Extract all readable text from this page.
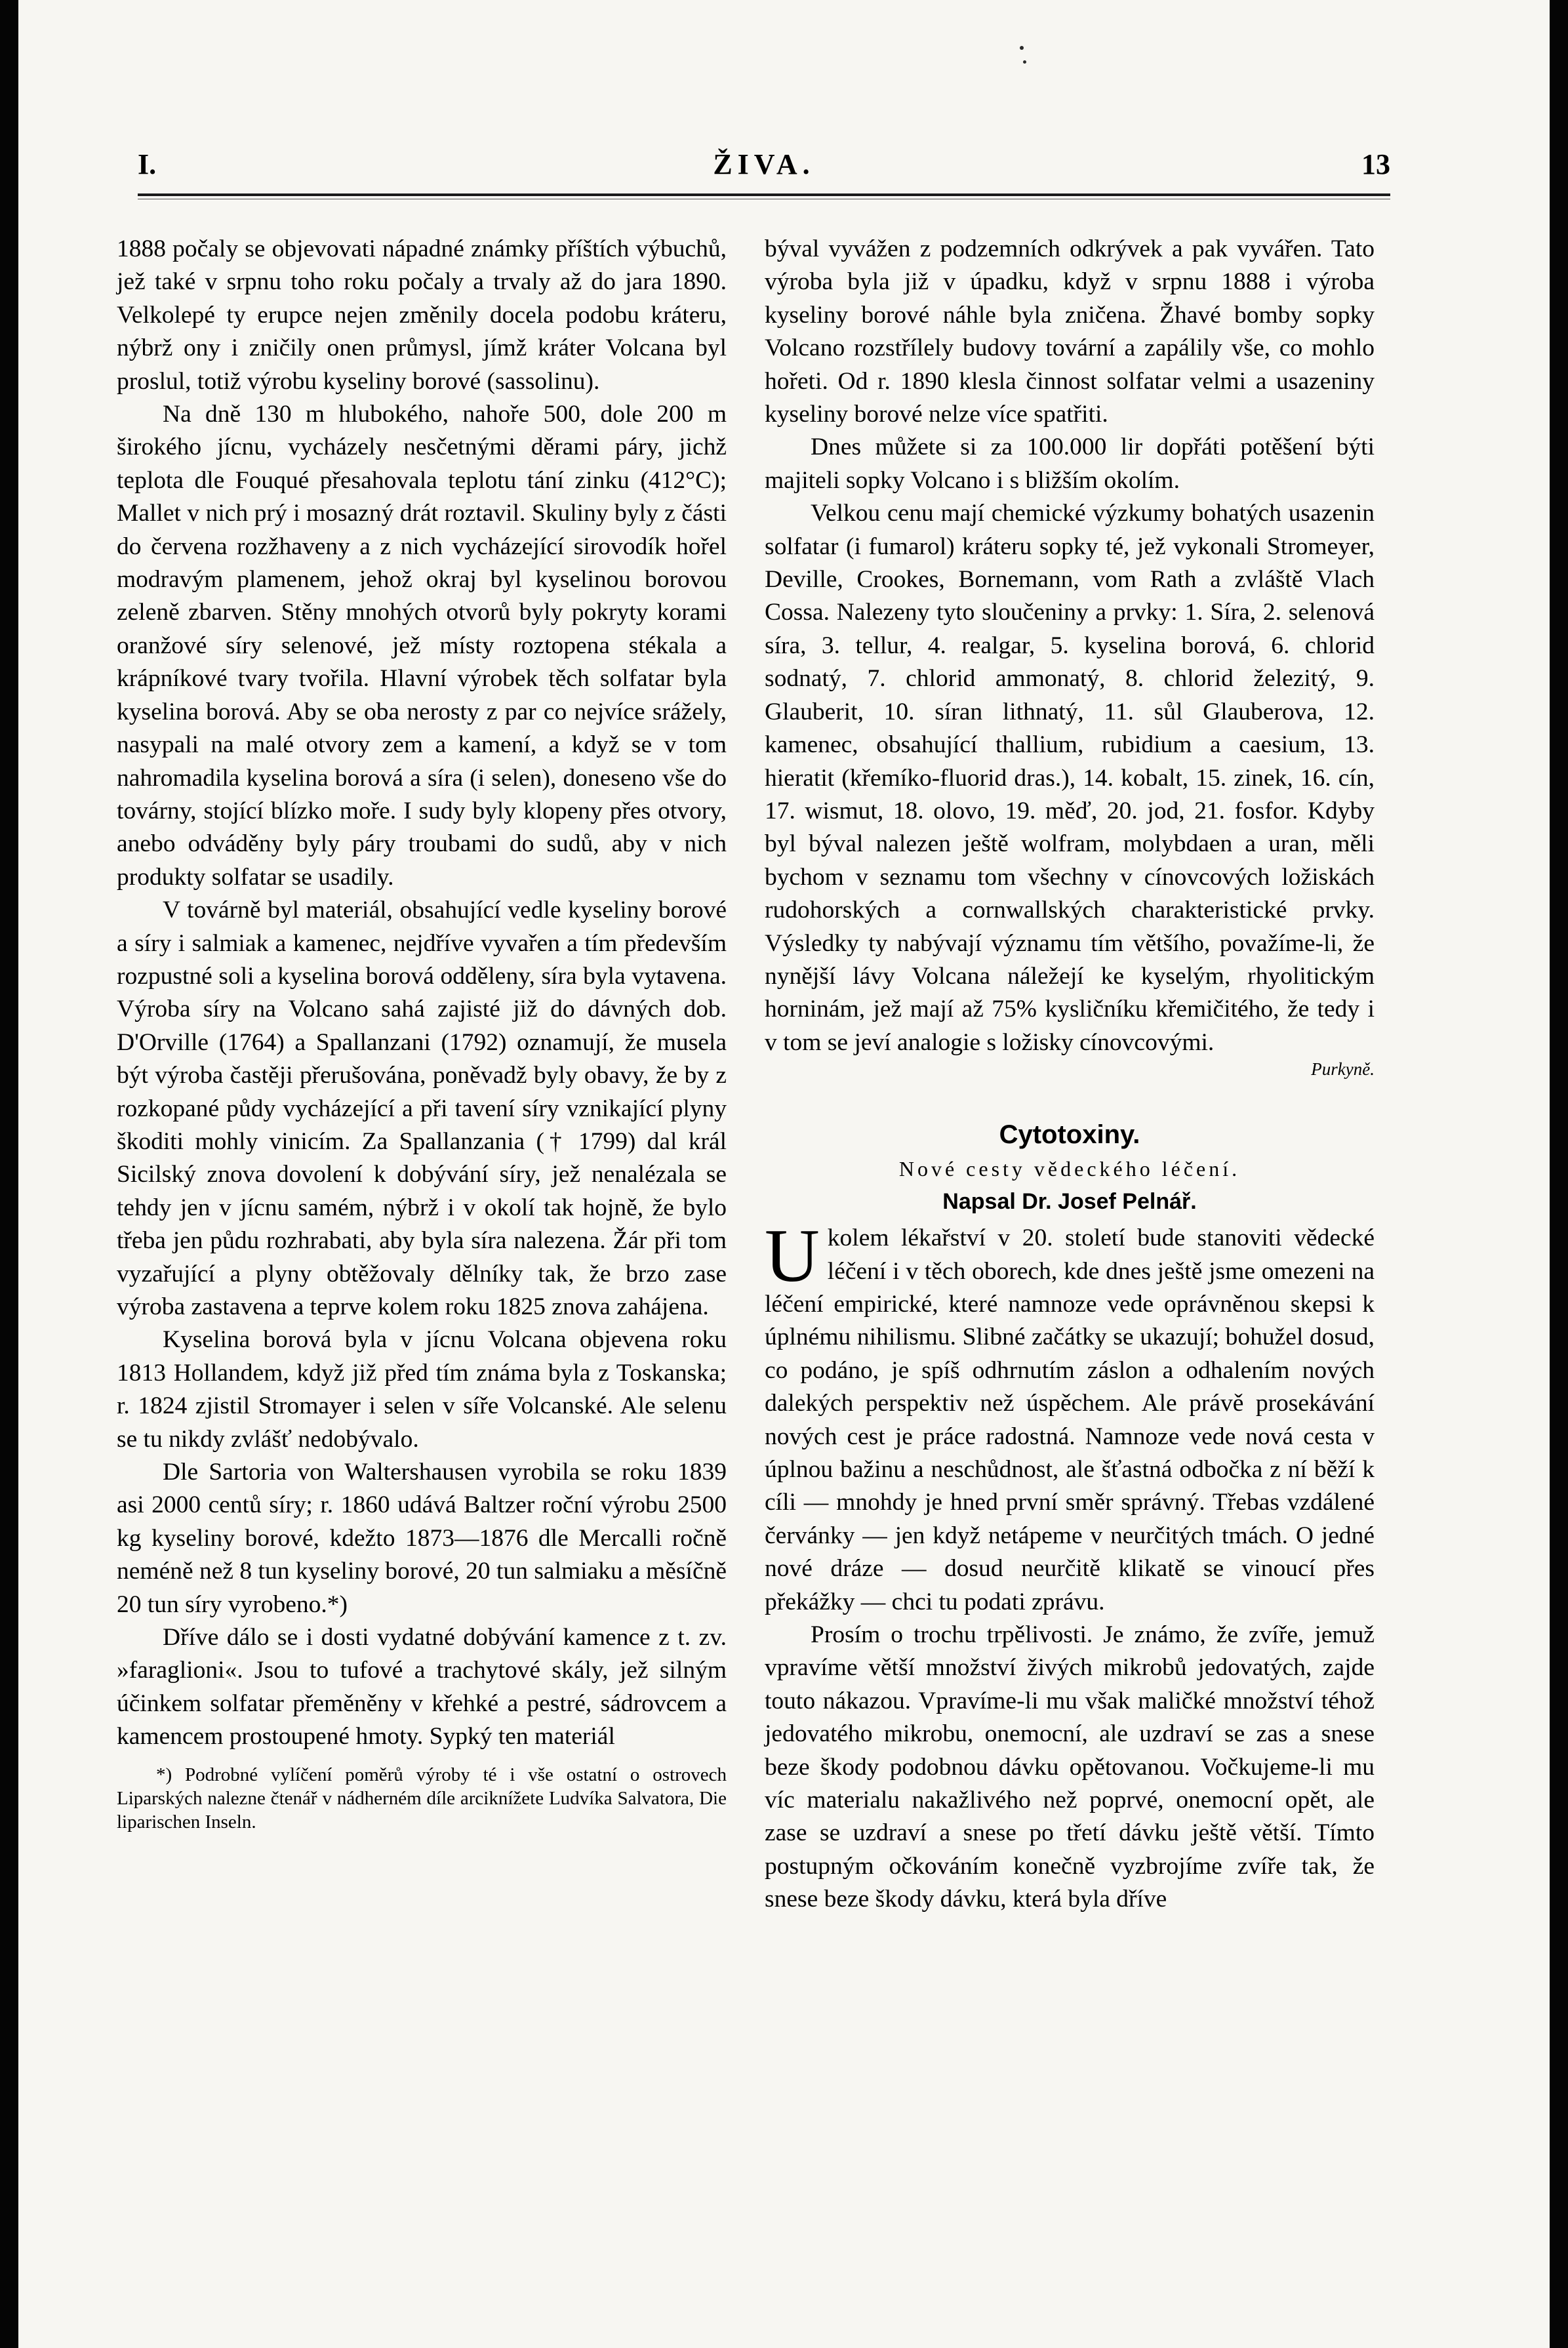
I.	ŽIVA.	13

1888 počaly se objevovati nápadné známky příštích výbuchů, jež také v srpnu toho roku počaly a trvaly až do jara 1890. Velkolepé ty erupce nejen změnily docela podobu kráteru, nýbrž ony i zničily onen průmysl, jímž kráter Volcana byl proslul, totiž výrobu kyseliny borové (sassolinu).

Na dně 130 m hlubokého, nahoře 500, dole 200 m širokého jícnu, vycházely nesčetnými děrami páry, jichž teplota dle Fouqué přesahovala teplotu tání zinku (412°C); Mallet v nich prý i mosazný drát roztavil. Skuliny byly z části do červena rozžhaveny a z nich vycházející sirovodík hořel modravým plamenem, jehož okraj byl kyselinou borovou zeleně zbarven. Stěny mnohých otvorů byly pokryty korami oranžové síry selenové, jež místy roztopena stékala a krápníkové tvary tvořila. Hlavní výrobek těch solfatar byla kyselina borová. Aby se oba nerosty z par co nejvíce srážely, nasypali na malé otvory zem a kamení, a když se v tom nahromadila kyselina borová a síra (i selen), doneseno vše do továrny, stojící blízko moře. I sudy byly klopeny přes otvory, anebo odváděny byly páry troubami do sudů, aby v nich produkty solfatar se usadily.

V továrně byl materiál, obsahující vedle kyseliny borové a síry i salmiak a kamenec, nejdříve vyvařen a tím především rozpustné soli a kyselina borová odděleny, síra byla vytavena. Výroba síry na Volcano sahá zajisté již do dávných dob. D'Orville (1764) a Spallanzani (1792) oznamují, že musela být výroba častěji přerušována, poněvadž byly obavy, že by z rozkopané půdy vycházející a při tavení síry vznikající plyny škoditi mohly vinicím. Za Spallanzania († 1799) dal král Sicilský znova dovolení k dobývání síry, jež nenalézala se tehdy jen v jícnu samém, nýbrž i v okolí tak hojně, že bylo třeba jen půdu rozhrabati, aby byla síra nalezena. Žár při tom vyzařující a plyny obtěžovaly dělníky tak, že brzo zase výroba zastavena a teprve kolem roku 1825 znova zahájena.

Kyselina borová byla v jícnu Volcana objevena roku 1813 Hollandem, když již před tím známa byla z Toskanska; r. 1824 zjistil Stromayer i selen v síře Volcanské. Ale selenu se tu nikdy zvlášť nedobývalo.

Dle Sartoria von Waltershausen vyrobila se roku 1839 asi 2000 centů síry; r. 1860 udává Baltzer roční výrobu 2500 kg kyseliny borové, kdežto 1873—1876 dle Mercalli ročně neméně než 8 tun kyseliny borové, 20 tun salmiaku a měsíčně 20 tun síry vyrobeno.*)

Dříve dálo se i dosti vydatné dobývání kamence z t. zv. »faraglioni«. Jsou to tufové a trachytové skály, jež silným účinkem solfatar přeměněny v křehké a pestré, sádrovcem a kamencem prostoupené hmoty. Sypký ten materiál

*) Podrobné vylíčení poměrů výroby té i vše ostatní o ostrovech Liparských nalezne čtenář v nádherném díle arciknížete Ludvíka Salvatora, Die liparischen Inseln.

býval vyvážen z podzemních odkrývek a pak vyvářen. Tato výroba byla již v úpadku, když v srpnu 1888 i výroba kyseliny borové náhle byla zničena. Žhavé bomby sopky Volcano rozstřílely budovy tovární a zapálily vše, co mohlo hořeti. Od r. 1890 klesla činnost solfatar velmi a usazeniny kyseliny borové nelze více spatřiti.

Dnes můžete si za 100.000 lir dopřáti potěšení býti majiteli sopky Volcano i s bližším okolím.

Velkou cenu mají chemické výzkumy bohatých usazenin solfatar (i fumarol) kráteru sopky té, jež vykonali Stromeyer, Deville, Crookes, Bornemann, vom Rath a zvláště Vlach Cossa. Nalezeny tyto sloučeniny a prvky: 1. Síra, 2. selenová síra, 3. tellur, 4. realgar, 5. kyselina borová, 6. chlorid sodnatý, 7. chlorid ammonatý, 8. chlorid železitý, 9. Glauberit, 10. síran lithnatý, 11. sůl Glauberova, 12. kamenec, obsahující thallium, rubidium a caesium, 13. hieratit (křemíko-fluorid dras.), 14. kobalt, 15. zinek, 16. cín, 17. wismut, 18. olovo, 19. měď, 20. jod, 21. fosfor. Kdyby byl býval nalezen ještě wolfram, molybdaen a uran, měli bychom v seznamu tom všechny v cínovcových ložiskách rudohorských a cornwallských charakteristické prvky. Výsledky ty nabývají významu tím většího, považíme-li, že nynější lávy Volcana náležejí ke kyselým, rhyolitickým horninám, jež mají až 75% kysličníku křemičitého, že tedy i v tom se jeví analogie s ložisky cínovcovými.

Purkyně.
Cytotoxiny.
Nové cesty vědeckého léčení.
Napsal Dr. Josef Pelnář.

Ukolem lékařství v 20. století bude stanoviti vědecké léčení i v těch oborech, kde dnes ještě jsme omezeni na léčení empirické, které namnoze vede oprávněnou skepsi k úplnému nihilismu. Slibné začátky se ukazují; bohužel dosud, co podáno, je spíš odhrnutím záslon a odhalením nových dalekých perspektiv než úspěchem. Ale právě prosekávání nových cest je práce radostná. Namnoze vede nová cesta v úplnou bažinu a neschůdnost, ale šťastná odbočka z ní běží k cíli — mnohdy je hned první směr správný. Třebas vzdálené červánky — jen když netápeme v neurčitých tmách. O jedné nové dráze — dosud neurčitě klikatě se vinoucí přes překážky — chci tu podati zprávu.

Prosím o trochu trpělivosti. Je známo, že zvíře, jemuž vpravíme větší množství živých mikrobů jedovatých, zajde touto nákazou. Vpravíme-li mu však maličké množství téhož jedovatého mikrobu, onemocní, ale uzdraví se zas a snese beze škody podobnou dávku opětovanou. Vočkujeme-li mu víc materialu nakažlivého než poprvé, onemocní opět, ale zase se uzdraví a snese po třetí dávku ještě větší. Tímto postupným očkováním konečně vyzbrojíme zvíře tak, že snese beze škody dávku, která byla dříve
